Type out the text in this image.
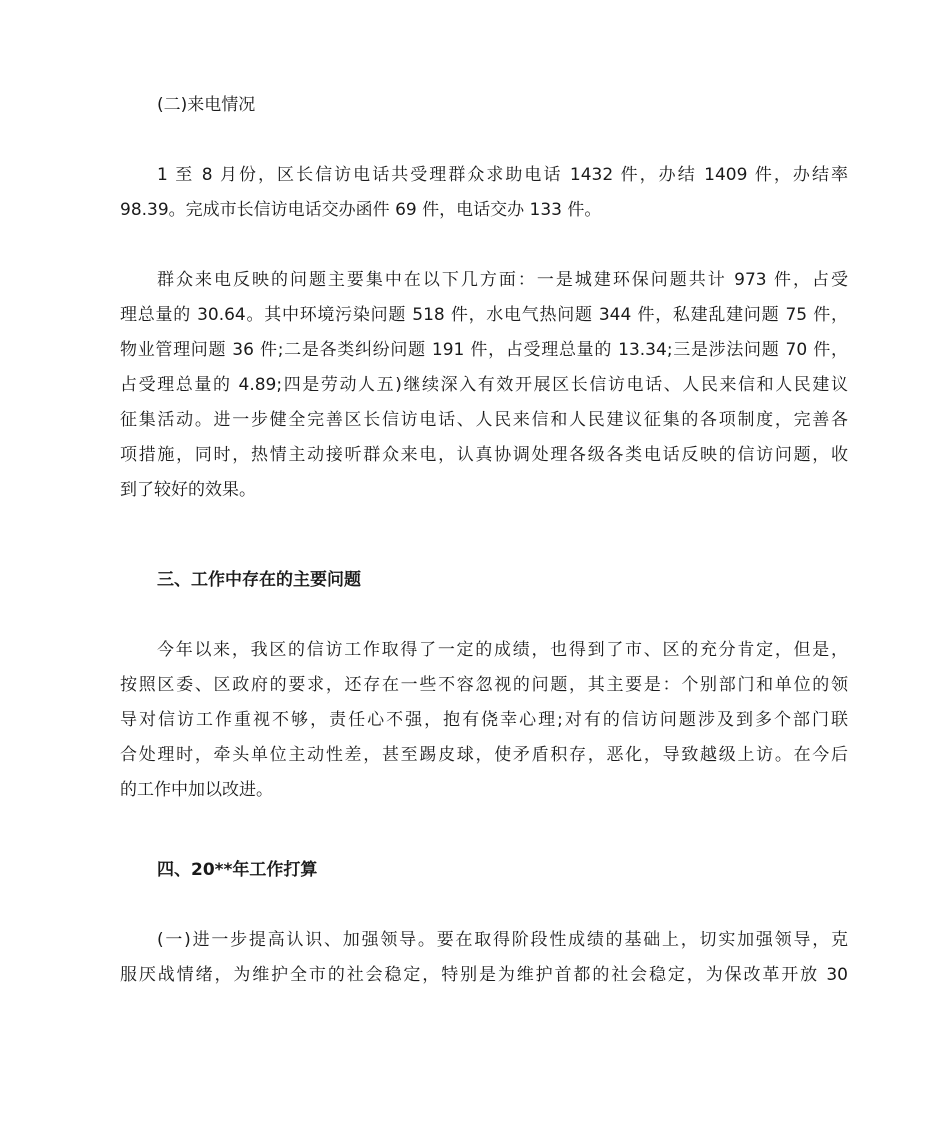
(二)来电情况
1 至 8 月份，区长信访电话共受理群众求助电话 1432 件，办结 1409 件，办结率
98.39。完成市长信访电话交办函件 69 件，电话交办 133 件。
群众来电反映的问题主要集中在以下几方面：一是城建环保问题共计 973 件，占受
理总量的 30.64。其中环境污染问题 518 件，水电气热问题 344 件，私建乱建问题 75 件，
物业管理问题 36 件;二是各类纠纷问题 191 件，占受理总量的 13.34;三是涉法问题 70 件，
占受理总量的 4.89;四是劳动人五)继续深入有效开展区长信访电话、人民来信和人民建议
征集活动。进一步健全完善区长信访电话、人民来信和人民建议征集的各项制度，完善各
项措施，同时，热情主动接听群众来电，认真协调处理各级各类电话反映的信访问题，收
到了较好的效果。
三、工作中存在的主要问题
今年以来，我区的信访工作取得了一定的成绩，也得到了市、区的充分肯定，但是，
按照区委、区政府的要求，还存在一些不容忽视的问题，其主要是：个别部门和单位的领
导对信访工作重视不够，责任心不强，抱有侥幸心理;对有的信访问题涉及到多个部门联
合处理时，牵头单位主动性差，甚至踢皮球，使矛盾积存，恶化，导致越级上访。在今后
的工作中加以改进。
四、20**年工作打算
(一)进一步提高认识、加强领导。要在取得阶段性成绩的基础上，切实加强领导，克
服厌战情绪，为维护全市的社会稳定，特别是为维护首都的社会稳定，为保改革开放 30
